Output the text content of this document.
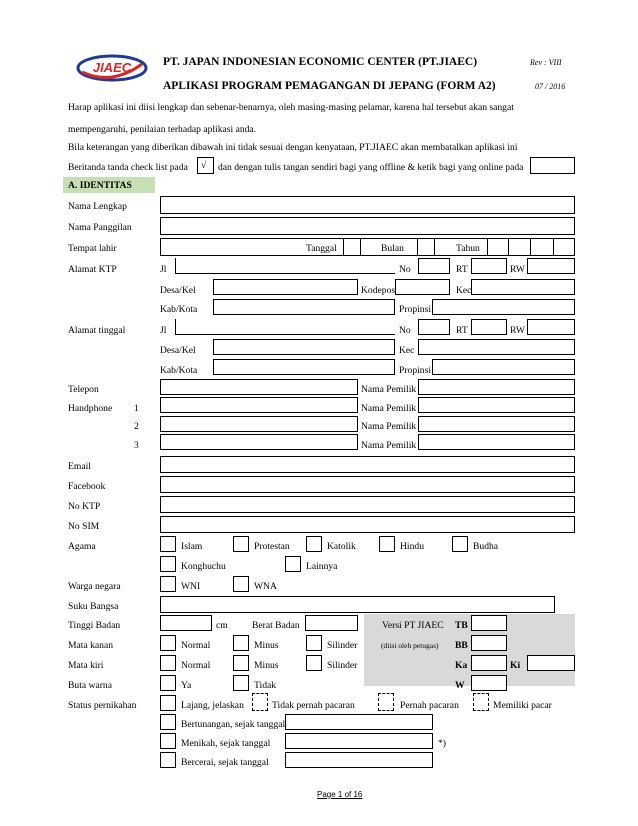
JIAEC	PT. JAPAN INDONESIAN ECONOMIC CENTER (PT.JIAEC)	Rev : VIII
APLIKASI PROGRAM PEMAGANGAN DI JEPANG (FORM A2)	07 / 2016
Harap aplikasi ini diisi lengkap dan sebenar-benarnya, oleh masing-masing pelamar, karena hal tersebut akan sangat
mempengaruhi, penilaian terhadap aplikasi anda.
Bila keterangan yang diberikan dibawah ini tidak sesuai dengan kenyataan, PT.JIAEC akan membatalkan aplikasi ini
Beritanda tanda check list pada √ dan dengan tulis tangan sendiri bagi yang offline & ketik bagi yang online pada
A. IDENTITAS
Nama Lengkap
Nama Panggilan
Tempat lahir	Tanggal	Bulan	Tahun
Alamat KTP	Jl	No	RT	RW
Desa/Kel	Kodepos	Kec
Kab/Kota	Propinsi
Alamat tinggal	Jl	No	RT	RW
Desa/Kel	Kec
Kab/Kota	Propinsi
Telepon	Nama Pemilik
Handphone 1	Nama Pemilik
2	Nama Pemilik
3	Nama Pemilik
Email
Facebook
No KTP
No SIM
Agama	Islam	Protestan	Katolik	Hindu	Budha
Konghuchu	Lainnya
Warga negara	WNI	WNA
Suku Bangsa
Tinggi Badan	cm	Berat Badan	Versi PT JIAEC TB
Mata kanan	Normal	Minus	Silinder	(diisi oleh petugas) BB
Mata kiri	Normal	Minus	Silinder	Ka	Ki
Buta warna	Ya	Tidak	W
Status pernikahan	Lajang, jelaskan	Tidak pernah pacaran	Pernah pacaran	Memiliki pacar
Bertunangan, sejak tanggal
Menikah, sejak tanggal	*)
Bercerai, sejak tanggal
Page 1 of 16
